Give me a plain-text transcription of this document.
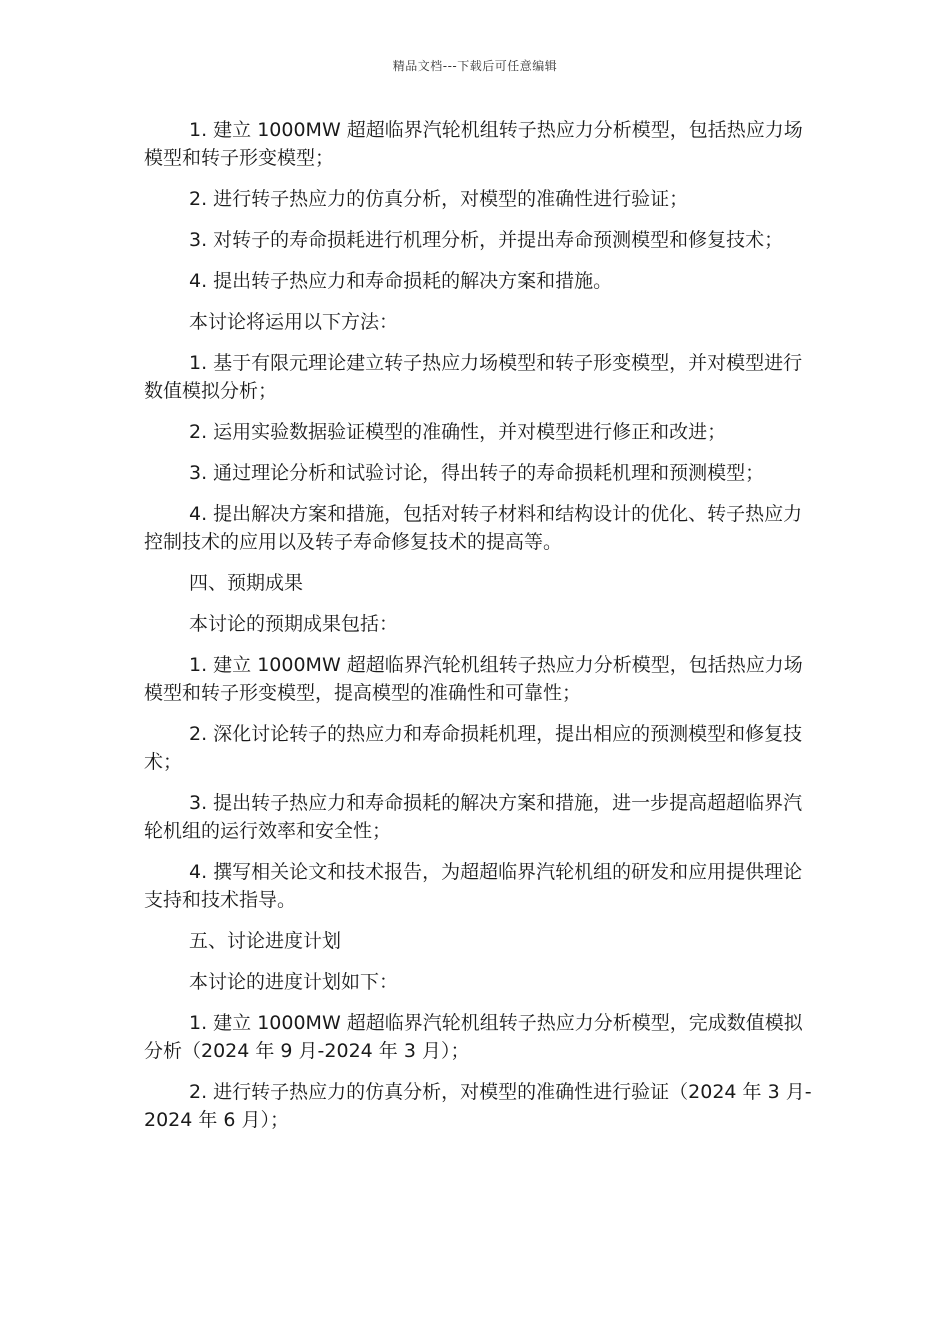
精品文档---下载后可任意编辑

1. 建立 1000MW 超超临界汽轮机组转子热应力分析模型，包括热应力场模型和转子形变模型；

2. 进行转子热应力的仿真分析，对模型的准确性进行验证；

3. 对转子的寿命损耗进行机理分析，并提出寿命预测模型和修复技术；

4. 提出转子热应力和寿命损耗的解决方案和措施。

本讨论将运用以下方法：

1. 基于有限元理论建立转子热应力场模型和转子形变模型，并对模型进行数值模拟分析；

2. 运用实验数据验证模型的准确性，并对模型进行修正和改进；

3. 通过理论分析和试验讨论，得出转子的寿命损耗机理和预测模型；

4. 提出解决方案和措施，包括对转子材料和结构设计的优化、转子热应力控制技术的应用以及转子寿命修复技术的提高等。

四、预期成果

本讨论的预期成果包括：

1. 建立 1000MW 超超临界汽轮机组转子热应力分析模型，包括热应力场模型和转子形变模型，提高模型的准确性和可靠性；

2. 深化讨论转子的热应力和寿命损耗机理，提出相应的预测模型和修复技术；

3. 提出转子热应力和寿命损耗的解决方案和措施，进一步提高超超临界汽轮机组的运行效率和安全性；

4. 撰写相关论文和技术报告，为超超临界汽轮机组的研发和应用提供理论支持和技术指导。

五、讨论进度计划

本讨论的进度计划如下：

1. 建立 1000MW 超超临界汽轮机组转子热应力分析模型，完成数值模拟分析（2024 年 9 月-2024 年 3 月）；

2. 进行转子热应力的仿真分析，对模型的准确性进行验证（2024 年 3 月-2024 年 6 月）；
